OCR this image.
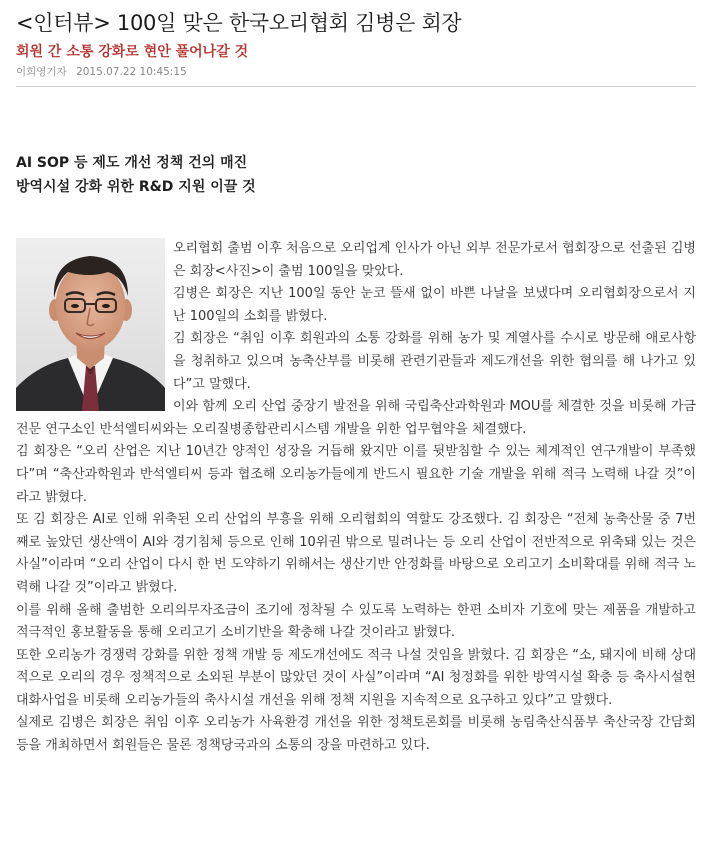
<인터뷰> 100일 맞은 한국오리협회 김병은 회장
회원 간 소통 강화로 현안 풀어나갈 것
이희영기자 2015.07.22 10:45:15
AI SOP 등 제도 개선 정책 건의 매진
방역시설 강화 위한 R&D 지원 이끌 것

오리협회 출범 이후 처음으로 오리업계 인사가 아닌 외부 전문가로서 협회장으로 선출된 김병은 회장<사진>이 출범 100일을 맞았다.

김병은 회장은 지난 100일 동안 눈코 뜰새 없이 바쁜 나날을 보냈다며 오리협회장으로서 지난 100일의 소회를 밝혔다.

김 회장은 “취임 이후 회원과의 소통 강화를 위해 농가 및 계열사를 수시로 방문해 애로사항을 청취하고 있으며 농축산부를 비롯해 관련기관들과 제도개선을 위한 협의를 해 나가고 있다”고 말했다.

이와 함께 오리 산업 중장기 발전을 위해 국립축산과학원과 MOU를 체결한 것을 비롯해 가금전문 연구소인 반석엘티씨와는 오리질병종합관리시스템 개발을 위한 업무협약을 체결했다.

김 회장은 “오리 산업은 지난 10년간 양적인 성장을 거듭해 왔지만 이를 뒷받침할 수 있는 체계적인 연구개발이 부족했다”며 “축산과학원과 반석엘티씨 등과 협조해 오리농가들에게 반드시 필요한 기술 개발을 위해 적극 노력해 나갈 것”이라고 밝혔다.

또 김 회장은 AI로 인해 위축된 오리 산업의 부흥을 위해 오리협회의 역할도 강조했다. 김 회장은 “전체 농축산물 중 7번째로 높았던 생산액이 AI와 경기침체 등으로 인해 10위권 밖으로 밀려나는 등 오리 산업이 전반적으로 위축돼 있는 것은 사실”이라며 “오리 산업이 다시 한 번 도약하기 위해서는 생산기반 안정화를 바탕으로 오리고기 소비확대를 위해 적극 노력해 나갈 것”이라고 밝혔다.

이를 위해 올해 출범한 오리의무자조금이 조기에 정착될 수 있도록 노력하는 한편 소비자 기호에 맞는 제품을 개발하고 적극적인 홍보활동을 통해 오리고기 소비기반을 확충해 나갈 것이라고 밝혔다.

또한 오리농가 경쟁력 강화를 위한 정책 개발 등 제도개선에도 적극 나설 것임을 밝혔다. 김 회장은 “소, 돼지에 비해 상대적으로 오리의 경우 정책적으로 소외된 부분이 많았던 것이 사실”이라며 “AI 청정화를 위한 방역시설 확충 등 축사시설현대화사업을 비롯해 오리농가들의 축사시설 개선을 위해 정책 지원을 지속적으로 요구하고 있다”고 말했다.

실제로 김병은 회장은 취임 이후 오리농가 사육환경 개선을 위한 정책토론회를 비롯해 농림축산식품부 축산국장 간담회 등을 개최하면서 회원들은 물론 정책당국과의 소통의 장을 마련하고 있다.
